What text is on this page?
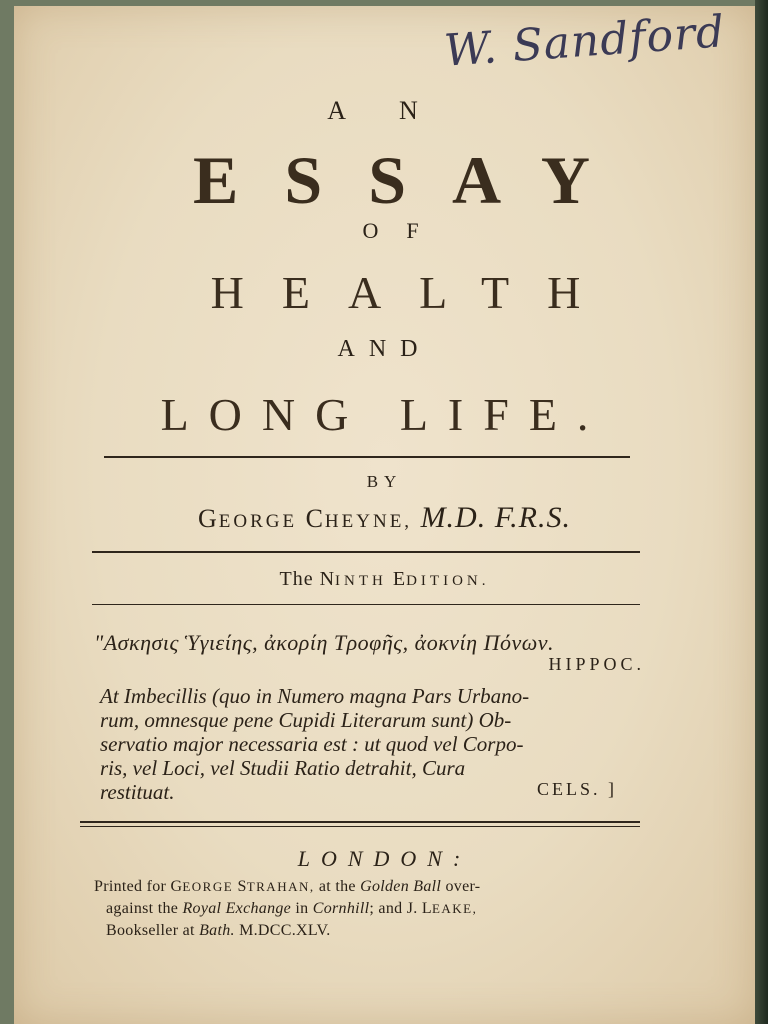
W. Sandford
A N
ESSAY
OF
HEALTH
AND
LONG LIFE.
BY
GEORGE CHEYNE, M.D. F.R.S.
The NINTH EDITION.
"Ασκησις Ὑγιείης, ἀκορίη Τροφῆς, ἀοκνίη Πόνων.
HIPPOC.
At Imbecillis (quo in Numero magna Pars Urbano-
rum, omnesque pene Cupidi Literarum sunt) Ob-
servatio major necessaria est : ut quod vel Corpo-
ris, vel Loci, vel Studii Ratio detrahit, Cura
restituat.	CELS. ]
LONDON:
Printed for GEORGE STRAHAN, at the Golden Ball over-
against the Royal Exchange in Cornhill; and J. LEAKE,
Bookseller at Bath. M.DCC.XLV.
